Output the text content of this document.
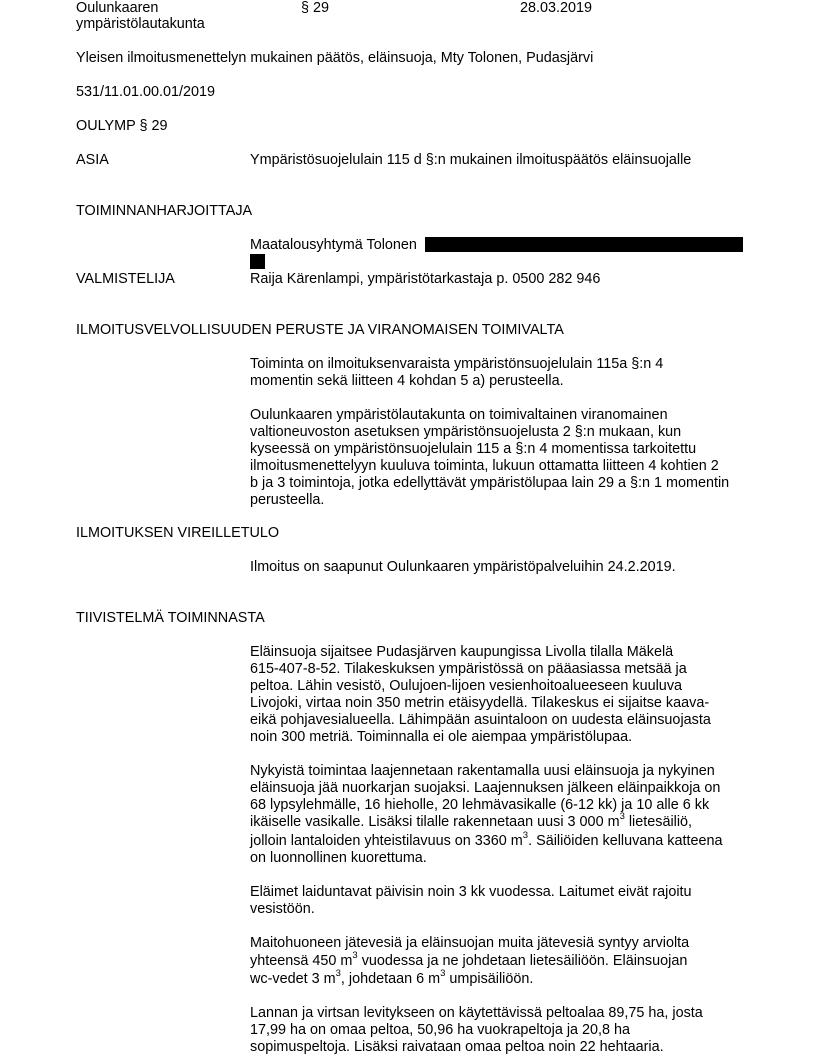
Oulunkaaren
ympäristölautakunta
§ 29	28.03.2019
Yleisen ilmoitusmenettelyn mukainen päätös, eläinsuoja, Mty Tolonen, Pudasjärvi
531/11.01.00.01/2019
OULYMP § 29
ASIA	Ympäristösuojelulain 115 d §:n mukainen ilmoituspäätös eläinsuojalle
TOIMINNANHARJOITTAJA
Maatalousyhtymä Tolonen
VALMISTELIJA	Raija Kärenlampi, ympäristötarkastaja p. 0500 282 946
ILMOITUSVELVOLLISUUDEN PERUSTE JA VIRANOMAISEN TOIMIVALTA
Toiminta on ilmoituksenvaraista ympäristönsuojelulain 115a §:n 4
momentin sekä liitteen 4 kohdan 5 a) perusteella.
Oulunkaaren ympäristölautakunta on toimivaltainen viranomainen
valtioneuvoston asetuksen ympäristönsuojelusta 2 §:n mukaan, kun
kyseessä on ympäristönsuojelulain 115 a §:n 4 momentissa tarkoitettu
ilmoitusmenettelyyn kuuluva toiminta, lukuun ottamatta liitteen 4 kohtien 2
b ja 3 toimintoja, jotka edellyttävät ympäristölupaa lain 29 a §:n 1 momentin
perusteella.
ILMOITUKSEN VIREILLETULO
Ilmoitus on saapunut Oulunkaaren ympäristöpalveluihin 24.2.2019.
TIIVISTELMÄ TOIMINNASTA
Eläinsuoja sijaitsee Pudasjärven kaupungissa Livolla tilalla Mäkelä
615-407-8-52. Tilakeskuksen ympäristössä on pääasiassa metsää ja
peltoa. Lähin vesistö, Oulujoen-lijoen vesienhoitoalueeseen kuuluva
Livojoki, virtaa noin 350 metrin etäisyydellä. Tilakeskus ei sijaitse kaava-
eikä pohjavesialueella. Lähimpään asuintaloon on uudesta eläinsuojasta
noin 300 metriä. Toiminnalla ei ole aiempaa ympäristölupaa.
Nykyistä toimintaa laajennetaan rakentamalla uusi eläinsuoja ja nykyinen
eläinsuoja jää nuorkarjan suojaksi. Laajennuksen jälkeen eläinpaikkoja on
68 lypsylehmälle, 16 hieholle, 20 lehmävasikalle (6-12 kk) ja 10 alle 6 kk
ikäiselle vasikalle. Lisäksi tilalle rakennetaan uusi 3 000 $m^3$ lietesäiliö,
jolloin lantaloiden yhteistilavuus on 3360 $m^3$. Säiliöiden kelluvana katteena
on luonnollinen kuorettuma.
Eläimet laiduntavat päivisin noin 3 kk vuodessa. Laitumet eivät rajoitu
vesistöön.
Maitohuoneen jätevesiä ja eläinsuojan muita jätevesiä syntyy arviolta
yhteensä 450 $m^3$ vuodessa ja ne johdetaan lietesäiliöön. Eläinsuojan
wc-vedet 3 $m^3$, johdetaan 6 $m^3$ umpisäiliöön.
Lannan ja virtsan levitykseen on käytettävissä peltoalaa 89,75 ha, josta
17,99 ha on omaa peltoa, 50,96 ha vuokrapeltoja ja 20,8 ha
sopimuspeltoja. Lisäksi raivataan omaa peltoa noin 22 hehtaaria.
